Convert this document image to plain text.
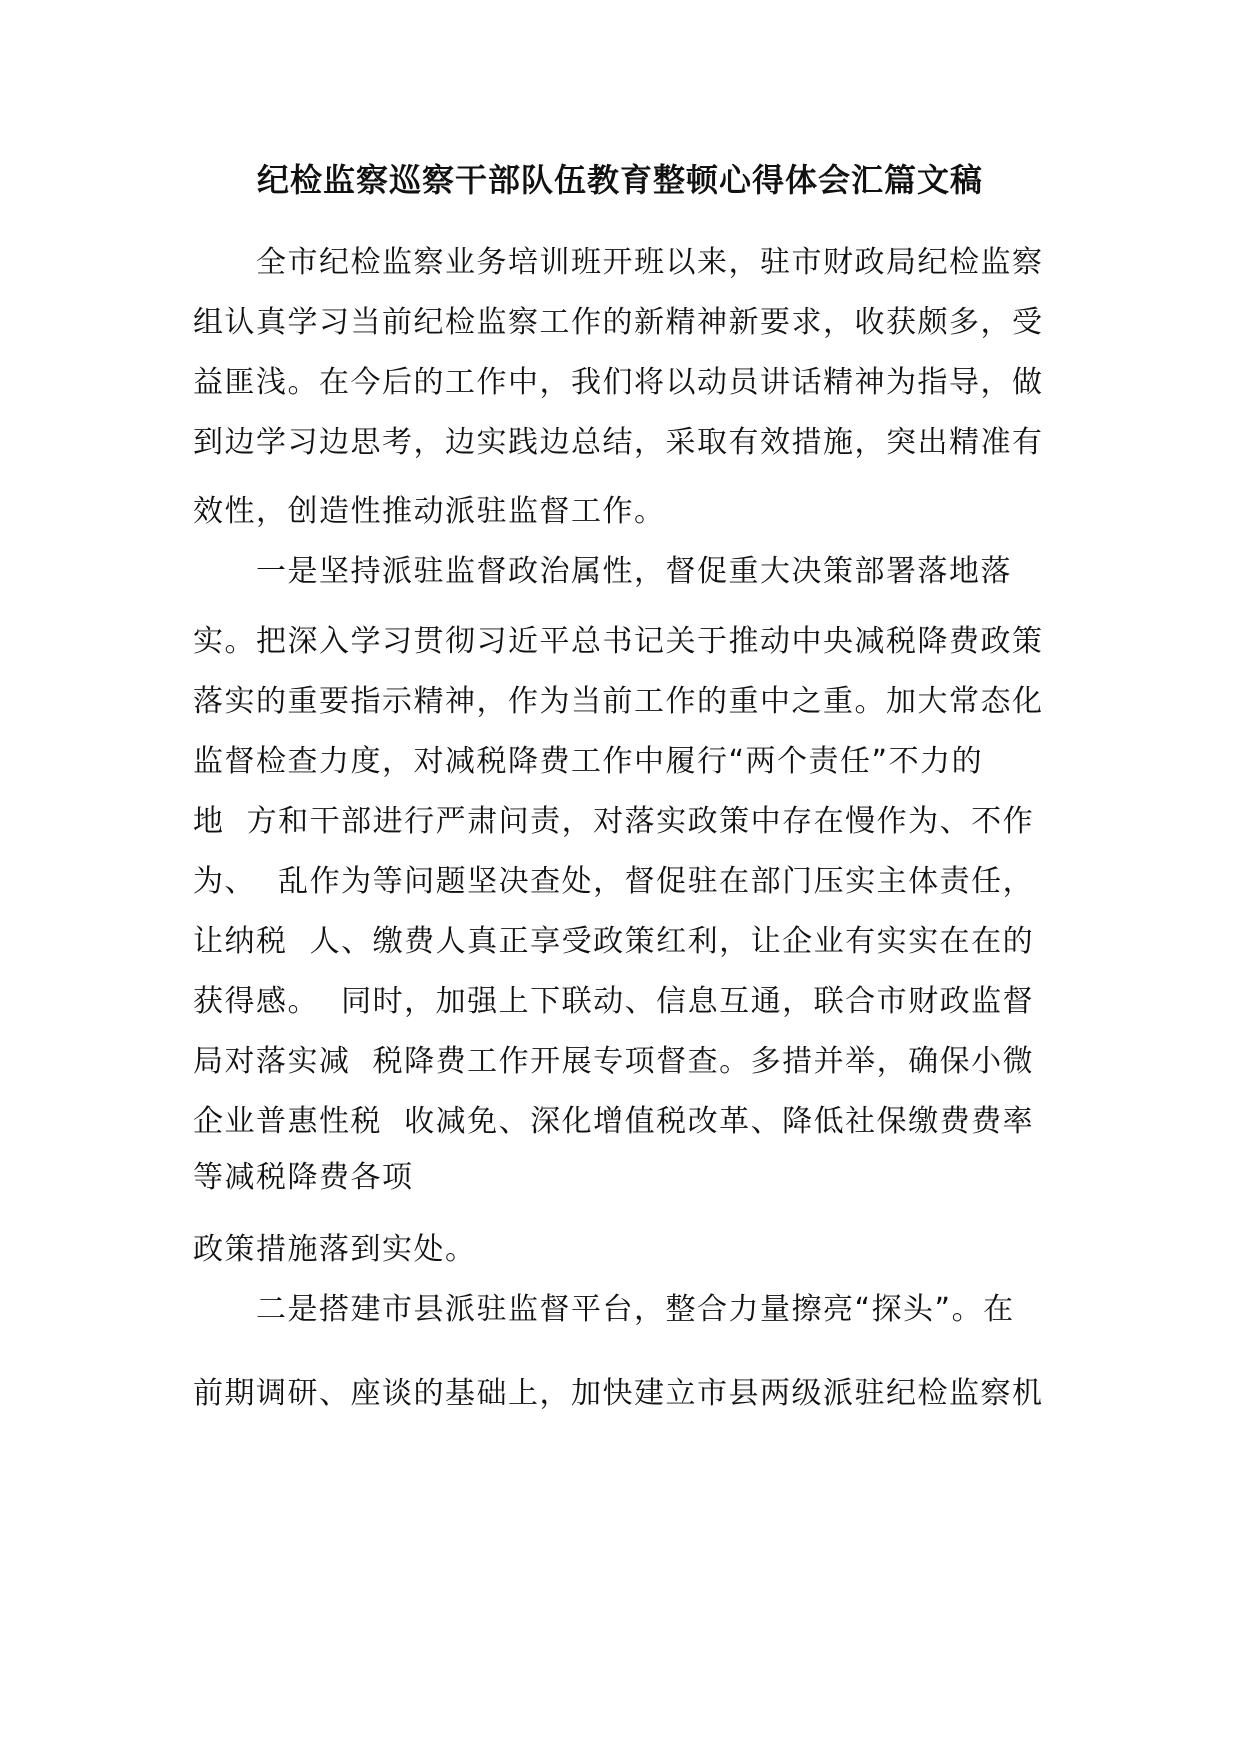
纪检监察巡察干部队伍教育整顿心得体会汇篇文稿

　　全市纪检监察业务培训班开班以来，驻市财政局纪检监察

组认真学习当前纪检监察工作的新精神新要求，收获颇多，受

益匪浅。在今后的工作中，我们将以动员讲话精神为指导，做

到边学习边思考，边实践边总结，采取有效措施，突出精准有

效性，创造性推动派驻监督工作。

　　一是坚持派驻监督政治属性，督促重大决策部署落地落

实。把深入学习贯彻习近平总书记关于推动中央减税降费政策

落实的重要指示精神，作为当前工作的重中之重。加大常态化

监督检查力度，对减税降费工作中履行“两个责任”不力的

地  方和干部进行严肃问责，对落实政策中存在慢作为、不作

为、  乱作为等问题坚决查处，督促驻在部门压实主体责任，

让纳税  人、缴费人真正享受政策红利，让企业有实实在在的

获得感。  同时，加强上下联动、信息互通，联合市财政监督

局对落实减  税降费工作开展专项督查。多措并举，确保小微

企业普惠性税  收减免、深化增值税改革、降低社保缴费费率

等减税降费各项

政策措施落到实处。

　　二是搭建市县派驻监督平台，整合力量擦亮“探头”。在

前期调研、座谈的基础上，加快建立市县两级派驻纪检监察机
